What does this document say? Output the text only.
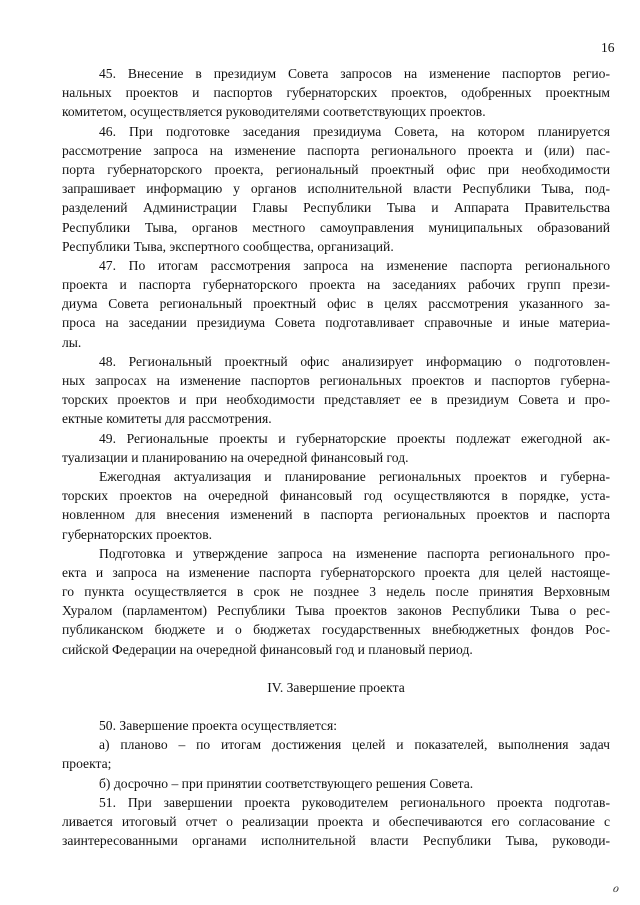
16
45. Внесение в президиум Совета запросов на изменение паспортов регио-
нальных проектов и паспортов губернаторских проектов, одобренных проектным
комитетом, осуществляется руководителями соответствующих проектов.
46. При подготовке заседания президиума Совета, на котором планируется
рассмотрение запроса на изменение паспорта регионального проекта и (или) пас-
порта губернаторского проекта, региональный проектный офис при необходимости
запрашивает информацию у органов исполнительной власти Республики Тыва, под-
разделений Администрации Главы Республики Тыва и Аппарата Правительства
Республики Тыва, органов местного самоуправления муниципальных образований
Республики Тыва, экспертного сообщества, организаций.
47. По итогам рассмотрения запроса на изменение паспорта регионального
проекта и паспорта губернаторского проекта на заседаниях рабочих групп прези-
диума Совета региональный проектный офис в целях рассмотрения указанного за-
проса на заседании президиума Совета подготавливает справочные и иные материа-
лы.
48. Региональный проектный офис анализирует информацию о подготовлен-
ных запросах на изменение паспортов региональных проектов и паспортов губерна-
торских проектов и при необходимости представляет ее в президиум Совета и про-
ектные комитеты для рассмотрения.
49. Региональные проекты и губернаторские проекты подлежат ежегодной ак-
туализации и планированию на очередной финансовый год.
Ежегодная актуализация и планирование региональных проектов и губерна-
торских проектов на очередной финансовый год осуществляются в порядке, уста-
новленном для внесения изменений в паспорта региональных проектов и паспорта
губернаторских проектов.
Подготовка и утверждение запроса на изменение паспорта регионального про-
екта и запроса на изменение паспорта губернаторского проекта для целей настояще-
го пункта осуществляется в срок не позднее 3 недель после принятия Верховным
Хуралом (парламентом) Республики Тыва проектов законов Республики Тыва о рес-
публиканском бюджете и о бюджетах государственных внебюджетных фондов Рос-
сийской Федерации на очередной финансовый год и плановый период.
IV. Завершение проекта
50. Завершение проекта осуществляется:
а) планово – по итогам достижения целей и показателей, выполнения задач
проекта;
б) досрочно – при принятии соответствующего решения Совета.
51. При завершении проекта руководителем регионального проекта подготав-
ливается итоговый отчет о реализации проекта и обеспечиваются его согласование с
заинтересованными органами исполнительной власти Республики Тыва, руководи-
ℴ
